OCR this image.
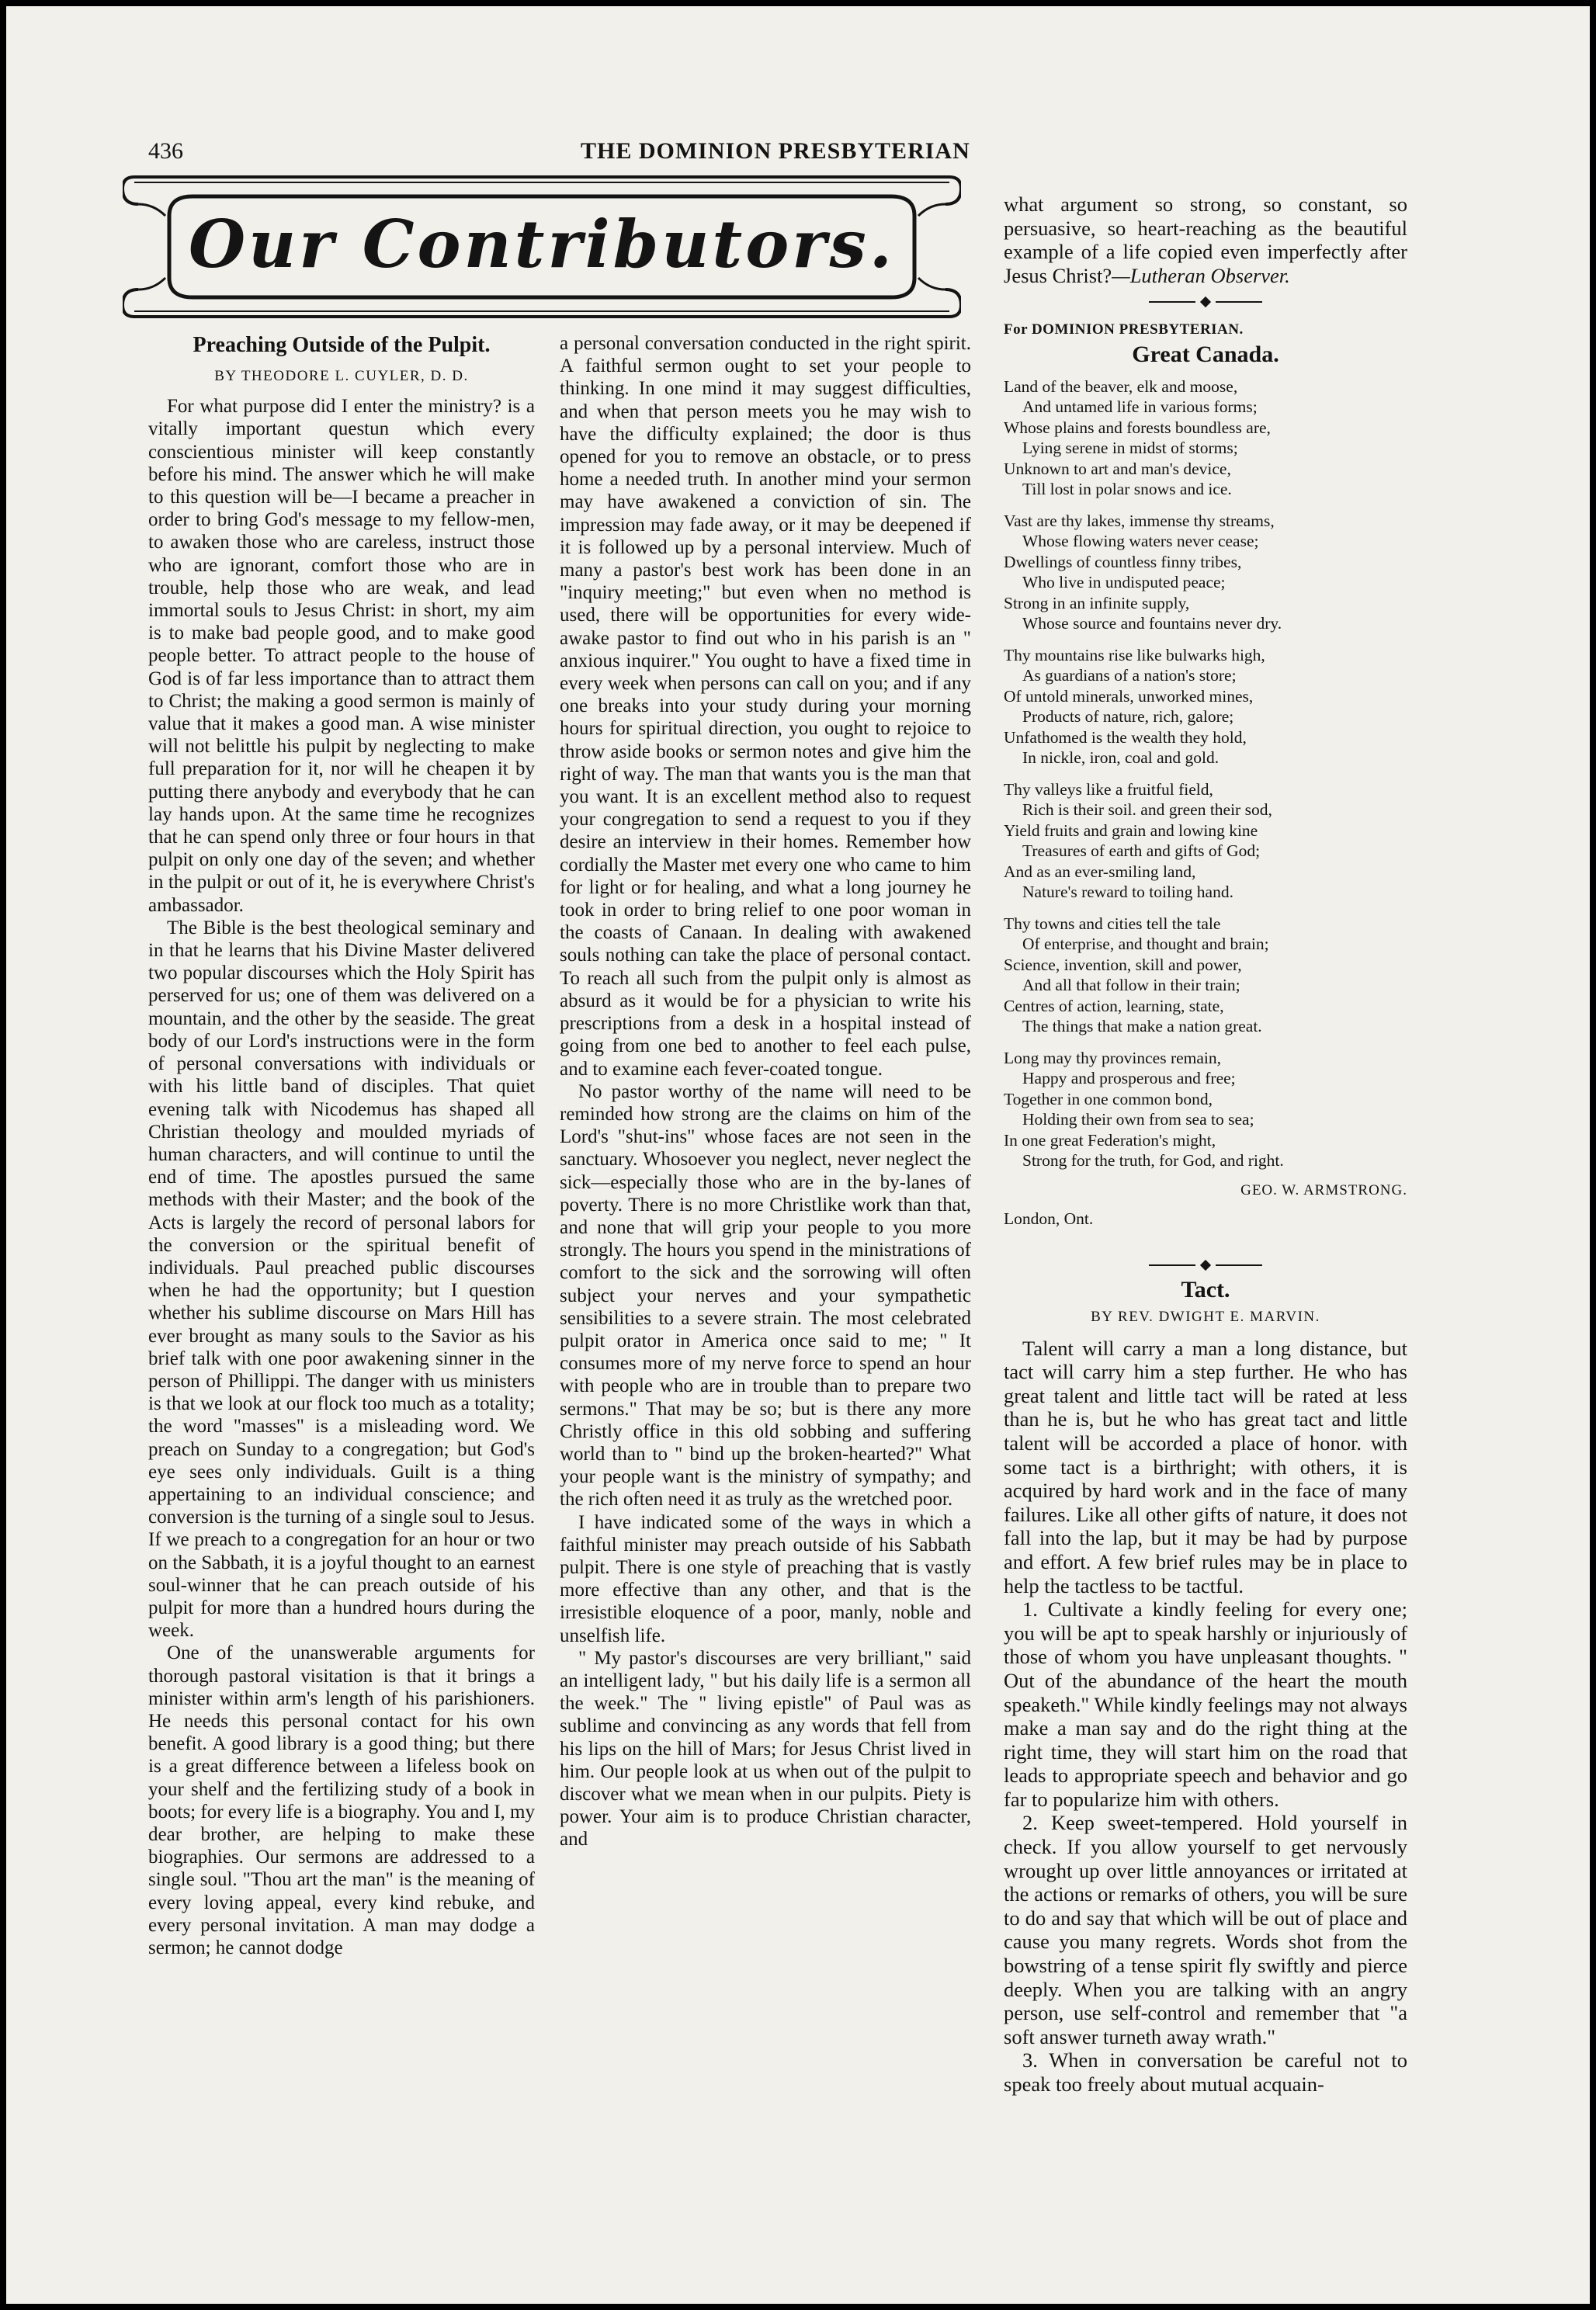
436	THE DOMINION PRESBYTERIAN
Our Contributors.
Preaching Outside of the Pulpit.
BY THEODORE L. CUYLER, D. D.

For what purpose did I enter the ministry? is a vitally important questun which every conscientious minister will keep constantly before his mind. The answer which he will make to this question will be—I became a preacher in order to bring God's message to my fellow-men, to awaken those who are careless, instruct those who are ignorant, comfort those who are in trouble, help those who are weak, and lead immortal souls to Jesus Christ: in short, my aim is to make bad people good, and to make good people better. To attract people to the house of God is of far less importance than to attract them to Christ; the making a good sermon is mainly of value that it makes a good man. A wise minister will not belittle his pulpit by neglecting to make full preparation for it, nor will he cheapen it by putting there anybody and everybody that he can lay hands upon. At the same time he recognizes that he can spend only three or four hours in that pulpit on only one day of the seven; and whether in the pulpit or out of it, he is everywhere Christ's ambassador.

The Bible is the best theological seminary and in that he learns that his Divine Master delivered two popular discourses which the Holy Spirit has perserved for us; one of them was delivered on a mountain, and the other by the seaside. The great body of our Lord's instructions were in the form of personal conversations with individuals or with his little band of disciples. That quiet evening talk with Nicodemus has shaped all Christian theology and moulded myriads of human characters, and will continue to until the end of time. The apostles pursued the same methods with their Master; and the book of the Acts is largely the record of personal labors for the conversion or the spiritual benefit of individuals. Paul preached public discourses when he had the opportunity; but I question whether his sublime discourse on Mars Hill has ever brought as many souls to the Savior as his brief talk with one poor awakening sinner in the person of Phillippi. The danger with us ministers is that we look at our flock too much as a totality; the word "masses" is a misleading word. We preach on Sunday to a congregation; but God's eye sees only individuals. Guilt is a thing appertaining to an individual conscience; and conversion is the turning of a single soul to Jesus. If we preach to a congregation for an hour or two on the Sabbath, it is a joyful thought to an earnest soul-winner that he can preach outside of his pulpit for more than a hundred hours during the week.

One of the unanswerable arguments for thorough pastoral visitation is that it brings a minister within arm's length of his parishioners. He needs this personal contact for his own benefit. A good library is a good thing; but there is a great difference between a lifeless book on your shelf and the fertilizing study of a book in boots; for every life is a biography. You and I, my dear brother, are helping to make these biographies. Our sermons are addressed to a single soul. "Thou art the man" is the meaning of every loving appeal, every kind rebuke, and every personal invitation. A man may dodge a sermon; he cannot dodge

a personal conversation conducted in the right spirit. A faithful sermon ought to set your people to thinking. In one mind it may suggest difficulties, and when that person meets you he may wish to have the difficulty explained; the door is thus opened for you to remove an obstacle, or to press home a needed truth. In another mind your sermon may have awakened a conviction of sin. The impression may fade away, or it may be deepened if it is followed up by a personal interview. Much of many a pastor's best work has been done in an "inquiry meeting;" but even when no method is used, there will be opportunities for every wide-awake pastor to find out who in his parish is an " anxious inquirer." You ought to have a fixed time in every week when persons can call on you; and if any one breaks into your study during your morning hours for spiritual direction, you ought to rejoice to throw aside books or sermon notes and give him the right of way. The man that wants you is the man that you want. It is an excellent method also to request your congregation to send a request to you if they desire an interview in their homes. Remember how cordially the Master met every one who came to him for light or for healing, and what a long journey he took in order to bring relief to one poor woman in the coasts of Canaan. In dealing with awakened souls nothing can take the place of personal contact. To reach all such from the pulpit only is almost as absurd as it would be for a physician to write his prescriptions from a desk in a hospital instead of going from one bed to another to feel each pulse, and to examine each fever-coated tongue.

No pastor worthy of the name will need to be reminded how strong are the claims on him of the Lord's "shut-ins" whose faces are not seen in the sanctuary. Whosoever you neglect, never neglect the sick—especially those who are in the by-lanes of poverty. There is no more Christlike work than that, and none that will grip your people to you more strongly. The hours you spend in the ministrations of comfort to the sick and the sorrowing will often subject your nerves and your sympathetic sensibilities to a severe strain. The most celebrated pulpit orator in America once said to me; " It consumes more of my nerve force to spend an hour with people who are in trouble than to prepare two sermons." That may be so; but is there any more Christly office in this old sobbing and suffering world than to " bind up the broken-hearted?" What your people want is the ministry of sympathy; and the rich often need it as truly as the wretched poor.

I have indicated some of the ways in which a faithful minister may preach outside of his Sabbath pulpit. There is one style of preaching that is vastly more effective than any other, and that is the irresistible eloquence of a poor, manly, noble and unselfish life.

" My pastor's discourses are very brilliant," said an intelligent lady, " but his daily life is a sermon all the week." The " living epistle" of Paul was as sublime and convincing as any words that fell from his lips on the hill of Mars; for Jesus Christ lived in him. Our people look at us when out of the pulpit to discover what we mean when in our pulpits. Piety is power. Your aim is to produce Christian character, and

what argument so strong, so constant, so persuasive, so heart-reaching as the beautiful example of a life copied even imperfectly after Jesus Christ?—Lutheran Observer.

For DOMINION PRESBYTERIAN.
Great Canada.
Land of the beaver, elk and moose,
And untamed life in various forms;
Whose plains and forests boundless are,
Lying serene in midst of storms;
Unknown to art and man's device,
Till lost in polar snows and ice.
Vast are thy lakes, immense thy streams,
Whose flowing waters never cease;
Dwellings of countless finny tribes,
Who live in undisputed peace;
Strong in an infinite supply,
Whose source and fountains never dry.
Thy mountains rise like bulwarks high,
As guardians of a nation's store;
Of untold minerals, unworked mines,
Products of nature, rich, galore;
Unfathomed is the wealth they hold,
In nickle, iron, coal and gold.
Thy valleys like a fruitful field,
Rich is their soil. and green their sod,
Yield fruits and grain and lowing kine
Treasures of earth and gifts of God;
And as an ever-smiling land,
Nature's reward to toiling hand.
Thy towns and cities tell the tale
Of enterprise, and thought and brain;
Science, invention, skill and power,
And all that follow in their train;
Centres of action, learning, state,
The things that make a nation great.
Long may thy provinces remain,
Happy and prosperous and free;
Together in one common bond,
Holding their own from sea to sea;
In one great Federation's might,
Strong for the truth, for God, and right.
GEO. W. ARMSTRONG.
London, Ont.
Tact.
BY REV. DWIGHT E. MARVIN.

Talent will carry a man a long distance, but tact will carry him a step further. He who has great talent and little tact will be rated at less than he is, but he who has great tact and little talent will be accorded a place of honor. with some tact is a birthright; with others, it is acquired by hard work and in the face of many failures. Like all other gifts of nature, it does not fall into the lap, but it may be had by purpose and effort. A few brief rules may be in place to help the tactless to be tactful.

1. Cultivate a kindly feeling for every one; you will be apt to speak harshly or injuriously of those of whom you have unpleasant thoughts. " Out of the abundance of the heart the mouth speaketh." While kindly feelings may not always make a man say and do the right thing at the right time, they will start him on the road that leads to appropriate speech and behavior and go far to popularize him with others.

2. Keep sweet-tempered. Hold yourself in check. If you allow yourself to get nervously wrought up over little annoyances or irritated at the actions or remarks of others, you will be sure to do and say that which will be out of place and cause you many regrets. Words shot from the bowstring of a tense spirit fly swiftly and pierce deeply. When you are talking with an angry person, use self-control and remember that "a soft answer turneth away wrath."

3. When in conversation be careful not to speak too freely about mutual acquain-
